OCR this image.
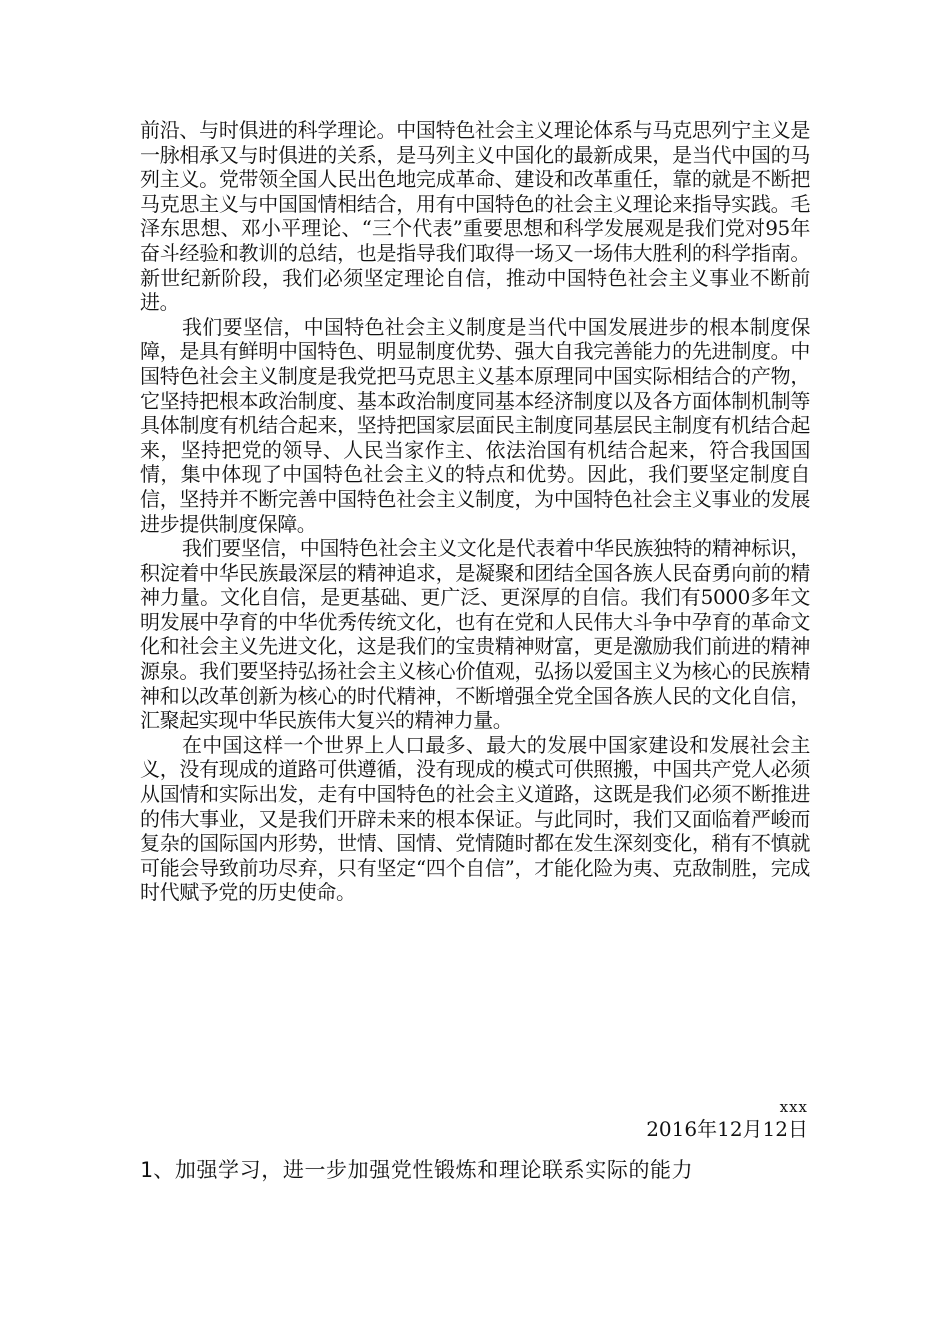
前沿、与时俱进的科学理论。中国特色社会主义理论体系与马克思列宁主义是一脉相承又与时俱进的关系，是马列主义中国化的最新成果，是当代中国的马列主义。党带领全国人民出色地完成革命、建设和改革重任，靠的就是不断把马克思主义与中国国情相结合，用有中国特色的社会主义理论来指导实践。毛泽东思想、邓小平理论、“三个代表”重要思想和科学发展观是我们党对95年奋斗经验和教训的总结，也是指导我们取得一场又一场伟大胜利的科学指南。新世纪新阶段，我们必须坚定理论自信，推动中国特色社会主义事业不断前进。

我们要坚信，中国特色社会主义制度是当代中国发展进步的根本制度保障，是具有鲜明中国特色、明显制度优势、强大自我完善能力的先进制度。中国特色社会主义制度是我党把马克思主义基本原理同中国实际相结合的产物，它坚持把根本政治制度、基本政治制度同基本经济制度以及各方面体制机制等具体制度有机结合起来，坚持把国家层面民主制度同基层民主制度有机结合起来，坚持把党的领导、人民当家作主、依法治国有机结合起来，符合我国国情，集中体现了中国特色社会主义的特点和优势。因此，我们要坚定制度自信，坚持并不断完善中国特色社会主义制度，为中国特色社会主义事业的发展进步提供制度保障。

我们要坚信，中国特色社会主义文化是代表着中华民族独特的精神标识，积淀着中华民族最深层的精神追求，是凝聚和团结全国各族人民奋勇向前的精神力量。文化自信，是更基础、更广泛、更深厚的自信。我们有5000多年文明发展中孕育的中华优秀传统文化，也有在党和人民伟大斗争中孕育的革命文化和社会主义先进文化，这是我们的宝贵精神财富，更是激励我们前进的精神源泉。我们要坚持弘扬社会主义核心价值观，弘扬以爱国主义为核心的民族精神和以改革创新为核心的时代精神，不断增强全党全国各族人民的文化自信，汇聚起实现中华民族伟大复兴的精神力量。

在中国这样一个世界上人口最多、最大的发展中国家建设和发展社会主义，没有现成的道路可供遵循，没有现成的模式可供照搬，中国共产党人必须从国情和实际出发，走有中国特色的社会主义道路，这既是我们必须不断推进的伟大事业，又是我们开辟未来的根本保证。与此同时，我们又面临着严峻而复杂的国际国内形势，世情、国情、党情随时都在发生深刻变化，稍有不慎就可能会导致前功尽弃，只有坚定“四个自信”，才能化险为夷、克敌制胜，完成时代赋予党的历史使命。

xxx
2016年12月12日
1、加强学习，进一步加强党性锻炼和理论联系实际的能力
